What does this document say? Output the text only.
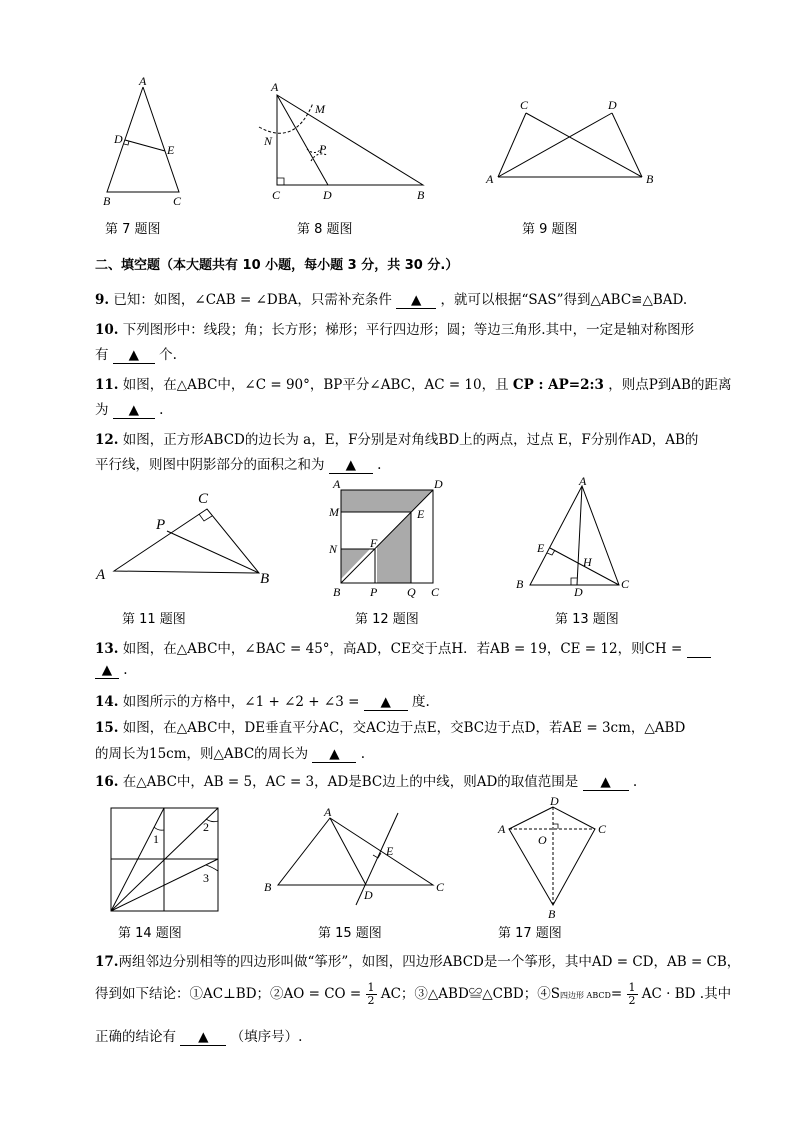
A
D
E
B	C
第 7 题图
A
M
N
P
C	D	B
第 8 题图
C	D
A	B
第 9 题图
二、填空题（本大题共有 10 小题，每小题 3 分，共 30 分.）
9. 已知：如图，∠CAB = ∠DBA，只需补充条件 ▲ ，就可以根据“SAS”得到△ABC≌△BAD.
10. 下列图形中：线段；角；长方形；梯形；平行四边形；圆；等边三角形.其中，一定是轴对称图形
有 ▲ 个.
11. 如图，在△ABC中，∠C = 90°，BP平分∠ABC，AC = 10，且 CP : AP=2:3 ，则点P到AB的距离
为 ▲ .
12. 如图，正方形ABCD的边长为 a，E，F分别是对角线BD上的两点，过点 E，F分别作AD，AB的
平行线，则图中阴影部分的面积之和为 ▲ .
C
P
A	B
第 11 题图
A	D
M	E
N	F
B P Q C
第 12 题图
A
E
H
B
D
C
第 13 题图
13. 如图，在△ABC中，∠BAC = 45°，高AD，CE交于点H．若AB = 19，CE = 12，则CH =
▲ .
14. 如图所示的方格中，∠1 + ∠2 + ∠3 = ▲ 度.
15. 如图，在△ABC中，DE垂直平分AC，交AC边于点E，交BC边于点D，若AE = 3cm，△ABD
的周长为15cm，则△ABC的周长为 ▲ .
16. 在△ABC中，AB = 5，AC = 3，AD是BC边上的中线，则AD的取值范围是 ▲ .
1
2
3
第 14 题图
A
E
B
D
C
第 15 题图
D
A	C
O
B
第 17 题图
17.两组邻边分别相等的四边形叫做“筝形”，如图，四边形ABCD是一个筝形，其中AD = CD，AB = CB，
得到如下结论：①AC⊥BD；②AO = CO = $\frac{1}{2}$ AC；③△ABD≌△CBD；④S四边形 ABCD= $\frac{1}{2}$ AC · BD .其中
正确的结论有 ▲ （填序号）.
